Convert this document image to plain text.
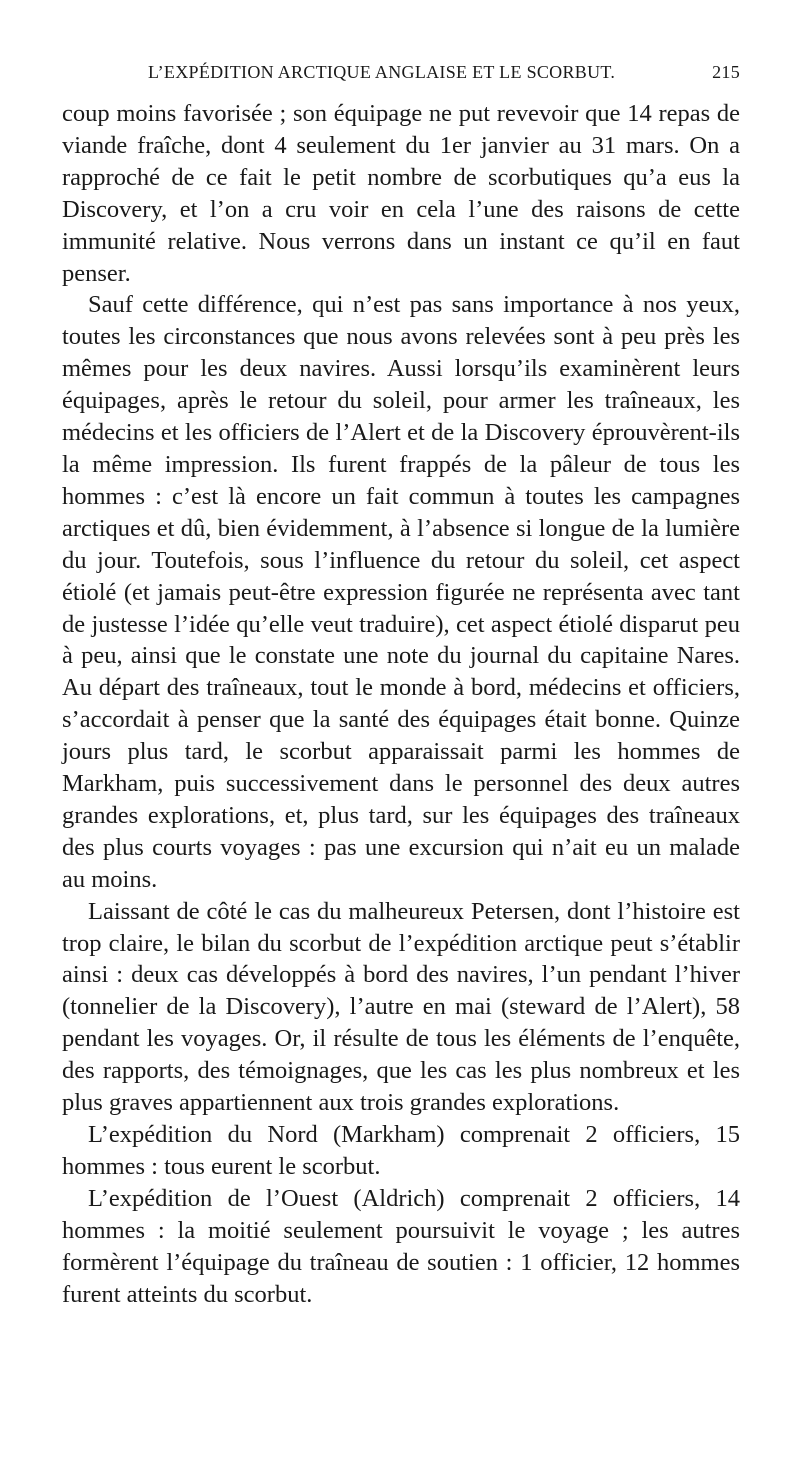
L’EXPÉDITION ARCTIQUE ANGLAISE ET LE SCORBUT.	215

coup moins favorisée ; son équipage ne put revevoir que 14 repas de viande fraîche, dont 4 seulement du 1er janvier au 31 mars. On a rapproché de ce fait le petit nombre de scorbutiques qu’a eus la Discovery, et l’on a cru voir en cela l’une des raisons de cette immunité relative. Nous verrons dans un instant ce qu’il en faut penser.

Sauf cette différence, qui n’est pas sans importance à nos yeux, toutes les circonstances que nous avons relevées sont à peu près les mêmes pour les deux navires. Aussi lorsqu’ils examinèrent leurs équipages, après le retour du soleil, pour armer les traîneaux, les médecins et les officiers de l’Alert et de la Discovery éprouvèrent-ils la même impression. Ils furent frappés de la pâleur de tous les hommes : c’est là encore un fait commun à toutes les campagnes arctiques et dû, bien évidemment, à l’absence si longue de la lumière du jour. Toutefois, sous l’influence du retour du soleil, cet aspect étiolé (et jamais peut-être expression figurée ne représenta avec tant de justesse l’idée qu’elle veut traduire), cet aspect étiolé disparut peu à peu, ainsi que le constate une note du journal du capitaine Nares. Au départ des traîneaux, tout le monde à bord, médecins et officiers, s’accordait à penser que la santé des équipages était bonne. Quinze jours plus tard, le scorbut apparaissait parmi les hommes de Markham, puis successivement dans le personnel des deux autres grandes explorations, et, plus tard, sur les équipages des traîneaux des plus courts voyages : pas une excursion qui n’ait eu un malade au moins.

Laissant de côté le cas du malheureux Petersen, dont l’histoire est trop claire, le bilan du scorbut de l’expédition arctique peut s’établir ainsi : deux cas développés à bord des navires, l’un pendant l’hiver (tonnelier de la Discovery), l’autre en mai (steward de l’Alert), 58 pendant les voyages. Or, il résulte de tous les éléments de l’enquête, des rapports, des témoignages, que les cas les plus nombreux et les plus graves appartiennent aux trois grandes explorations.

L’expédition du Nord (Markham) comprenait 2 officiers, 15 hommes : tous eurent le scorbut.

L’expédition de l’Ouest (Aldrich) comprenait 2 officiers, 14 hommes : la moitié seulement poursuivit le voyage ; les autres formèrent l’équipage du traîneau de soutien : 1 officier, 12 hommes furent atteints du scorbut.
